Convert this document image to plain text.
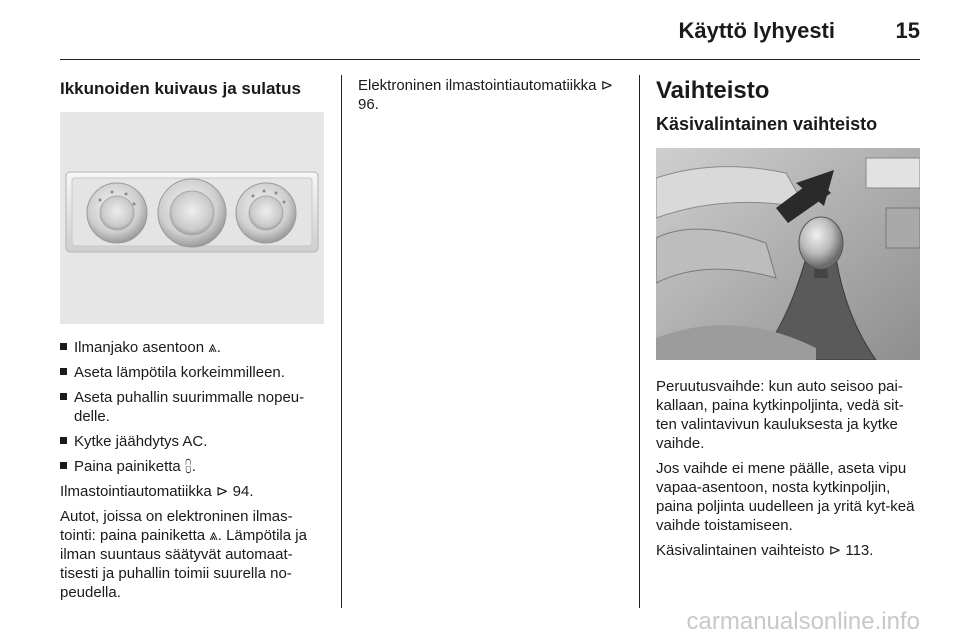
Käyttö lyhyesti	15
Ikkunoiden kuivaus ja sulatus
Ilmanjako asentoon ⩓.
Aseta lämpötila korkeimmilleen.
Aseta puhallin suurimmalle nopeu-delle.
Kytke jäähdytys AC.
Paina painiketta ⩉.

Ilmastointiautomatiikka ⊳ 94.

Autot, joissa on elektroninen ilmas-tointi: paina painiketta ⩓. Lämpötila ja ilman suuntaus säätyvät automaat-tisesti ja puhallin toimii suurella no-peudella.

Elektroninen ilmastointiautomatiikka ⊳ 96.

Vaihteisto
Käsivalintainen vaihteisto

Peruutusvaihde: kun auto seisoo pai-kallaan, paina kytkinpoljinta, vedä sit-ten valintavivun kauluksesta ja kytke vaihde.

Jos vaihde ei mene päälle, aseta vipu vapaa-asentoon, nosta kytkinpoljin, paina poljinta uudelleen ja yritä kyt-keä vaihde toistamiseen.

Käsivalintainen vaihteisto ⊳ 113.

carmanualsonline.info
